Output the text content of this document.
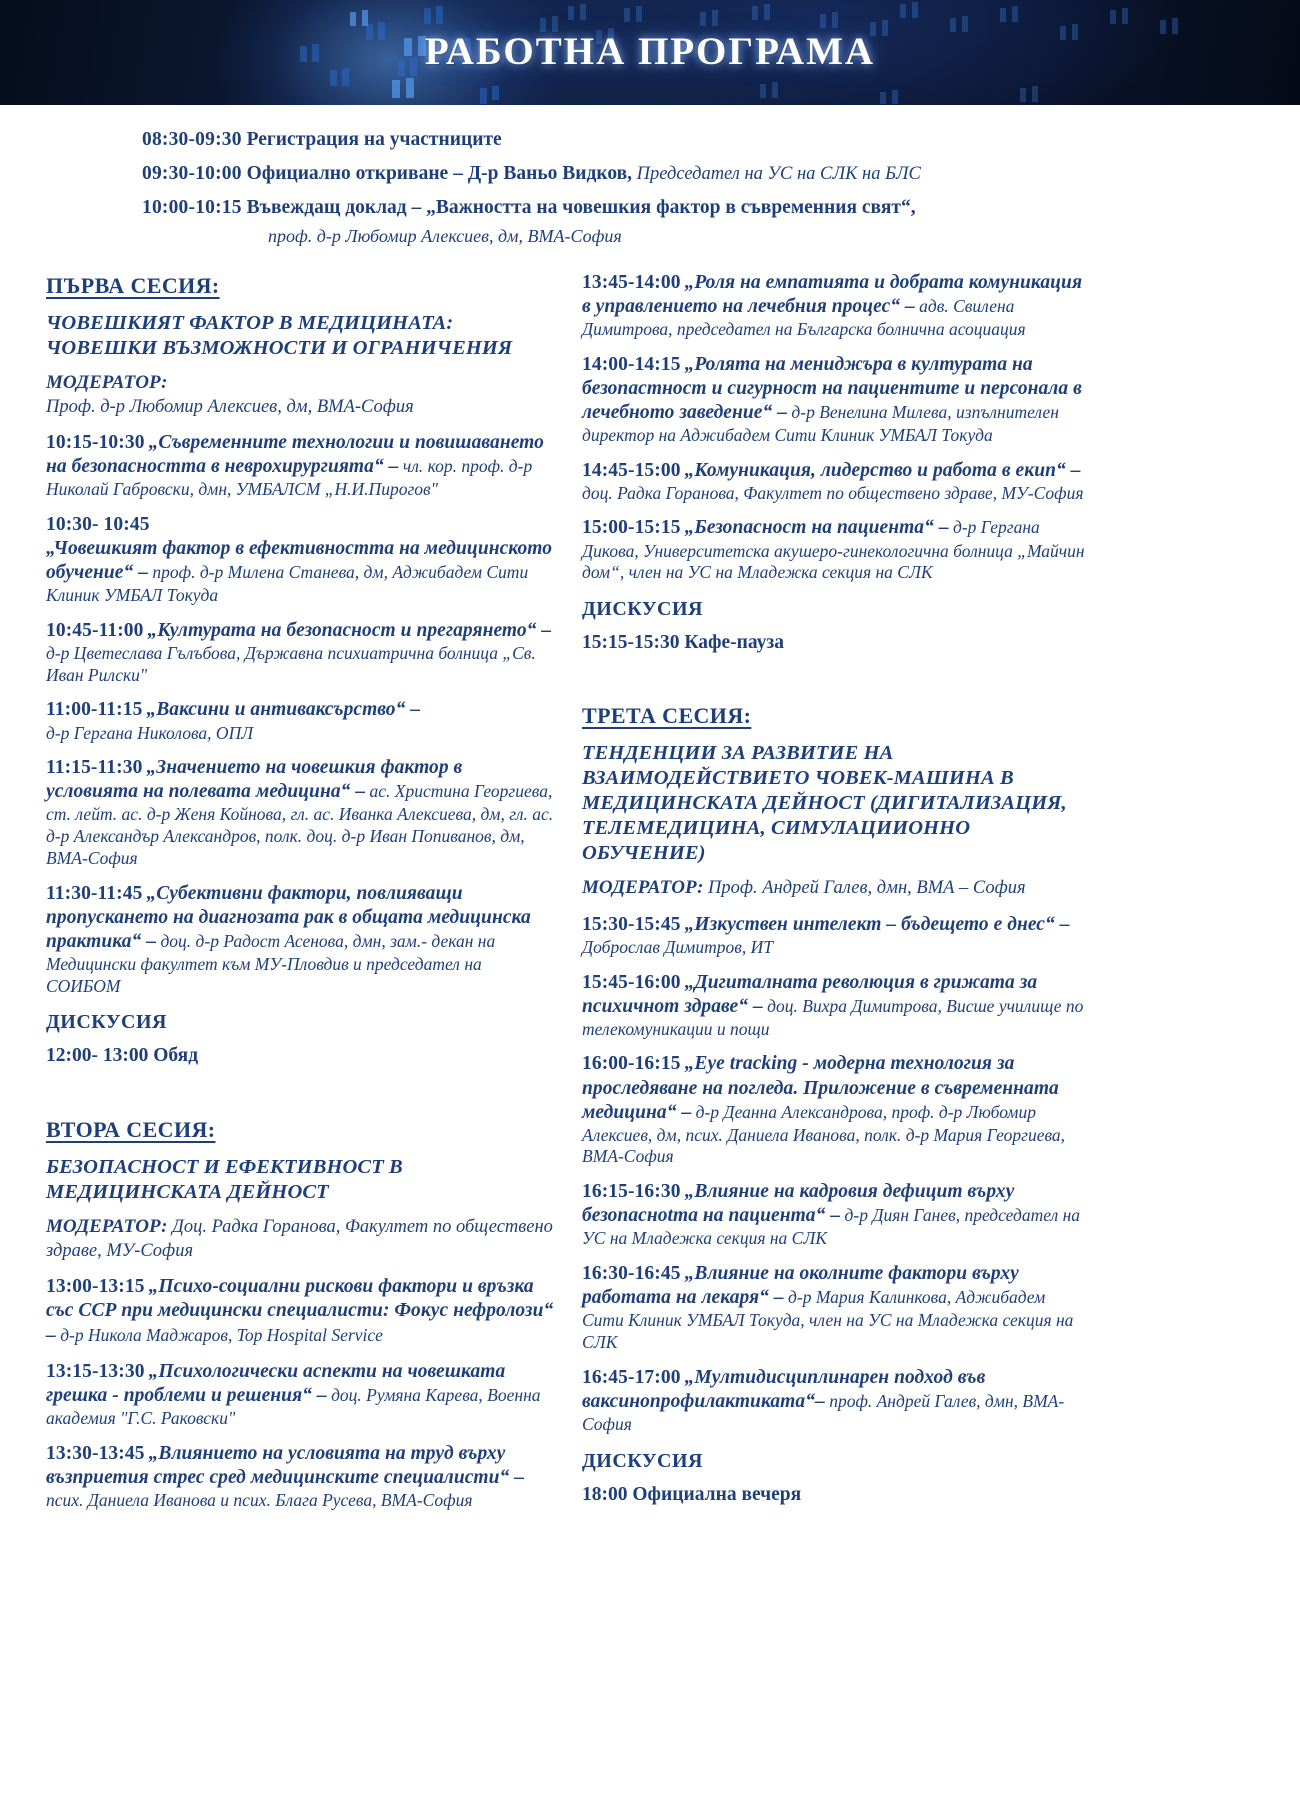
РАБОТНА ПРОГРАМА
08:30-09:30 Регистрация на участниците
09:30-10:00 Официално откриване – Д-р Ваньо Видков, Председател на УС на СЛК на БЛС
10:00-10:15 Въвеждащ доклад – „Важността на човешкия фактор в съвременния свят“,
проф. д-р Любомир Алексиев, дм, ВМА-София
ПЪРВА СЕСИЯ:
ЧОВЕШКИЯТ ФАКТОР В МЕДИЦИНАТА: ЧОВЕШКИ ВЪЗМОЖНОСТИ И ОГРАНИЧЕНИЯ
МОДЕРАТОР:
Проф. д-р Любомир Алексиев, дм, ВМА-София
10:15-10:30 „Съвременните технологии и повишаването на безопасността в неврохирургията“ – чл. кор. проф. д-р Николай Габровски, дмн, УМБАЛСМ „Н.И.Пирогов"
10:30- 10:45
„Човешкият фактор в ефективността на медицинското обучение“ – проф. д-р Милена Станева, дм, Аджибадем Сити Клиник УМБАЛ Токуда
10:45-11:00 „Културата на безопасност и прегарянето“ – д-р Цветеслава Гълъбова, Държавна психиатрична болница „Св. Иван Рилски"
11:00-11:15 „Ваксини и антиваксърство“ –
д-р Гергана Николова, ОПЛ
11:15-11:30 „Значението на човешкия фактор в условията на полевата медицина“ – ас. Христина Георгиева, ст. лейт. ас. д-р Женя Койнова, гл. ас. Иванка Алексиева, дм, гл. ас. д-р Александър Александров, полк. доц. д-р Иван Попиванов, дм, ВМА-София
11:30-11:45 „Субективни фактори, повлияващи пропускането на диагнозата рак в общата медицинска практика“ – доц. д-р Радост Асенова, дмн, зам.- декан на Медицински факултет към МУ-Пловдив и председател на СОИБОМ
ДИСКУСИЯ
12:00- 13:00 Обяд
ВТОРА СЕСИЯ:
БЕЗОПАСНОСТ И ЕФЕКТИВНОСТ В МЕДИЦИНСКАТА ДЕЙНОСТ
МОДЕРАТОР: Доц. Радка Горанова, Факултет по обществено здраве, МУ-София
13:00-13:15 „Психо-социални рискови фактори и връзка със ССР при медицински специалисти: Фокус нефролози“ – д-р Никола Маджаров, Top Hospital Service
13:15-13:30 „Психологически аспекти на човешката грешка - проблеми и решения“ – доц. Румяна Карева, Военна академия "Г.С. Раковски"
13:30-13:45 „Влиянието на условията на труд върху възприетия стрес сред медицинските специалисти“ – псих. Даниела Иванова и псих. Блага Русева, ВМА-София
13:45-14:00 „Роля на емпатията и добрата комуникация в управлението на лечебния процес“ – адв. Свилена Димитрова, председател на Българска болнична асоциация
14:00-14:15 „Ролята на мениджъра в културата на безопастност и сигурност на пациентите и персонала в лечебното заведение“ – д-р Венелина Милева, изпълнителен директор на Аджибадем Сити Клиник УМБАЛ Токуда
14:45-15:00 „Комуникация, лидерство и работа в екип“ – доц. Радка Горанова, Факултет по обществено здраве, МУ-София
15:00-15:15 „Безопасност на пациента“ – д-р Гергана Дикова, Университетска акушеро-гинекологична болница „Майчин дом“, член на УС на Младежка секция на СЛК
ДИСКУСИЯ
15:15-15:30 Кафе-пауза
ТРЕТА СЕСИЯ:
ТЕНДЕНЦИИ ЗА РАЗВИТИЕ НА ВЗАИМОДЕЙСТВИЕТО ЧОВЕК-МАШИНА В МЕДИЦИНСКАТА ДЕЙНОСТ (ДИГИТАЛИЗАЦИЯ, ТЕЛЕМЕДИЦИНА, СИМУЛАЦИИОННО ОБУЧЕНИЕ)
МОДЕРАТОР: Проф. Андрей Галев, дмн, ВМА – София
15:30-15:45 „Изкуствен интелект – бъдещето е днес“ –
Доброслав Димитров, ИТ
15:45-16:00 „Дигиталната революция в грижата за психичнот здраве“ – доц. Вихра Димитрова, Висше училище по телекомуникации и пощи
16:00-16:15 „Eye tracking - модерна технология за проследяване на погледа. Приложение в съвременната медицина“ – д-р Деанна Александрова, проф. д-р Любомир Алексиев, дм, псих. Даниела Иванова, полк. д-р Мария Георгиева, ВМА-София
16:15-16:30 „Влияние на кадровия дефицит върху безопасноtта на пациента“ – д-р Диян Ганев, председател на УС на Младежка секция на СЛК
16:30-16:45 „Влияние на околните фактори върху работата на лекаря“ – д-р Мария Калинкова, Аджибадем Сити Клиник УМБАЛ Токуда, член на УС на Младежка секция на СЛК
16:45-17:00 „Мултидисциплинарен подход във ваксинопрофилактиката“– проф. Андрей Галев, дмн, ВМА-София
ДИСКУСИЯ
18:00 Официална вечеря
